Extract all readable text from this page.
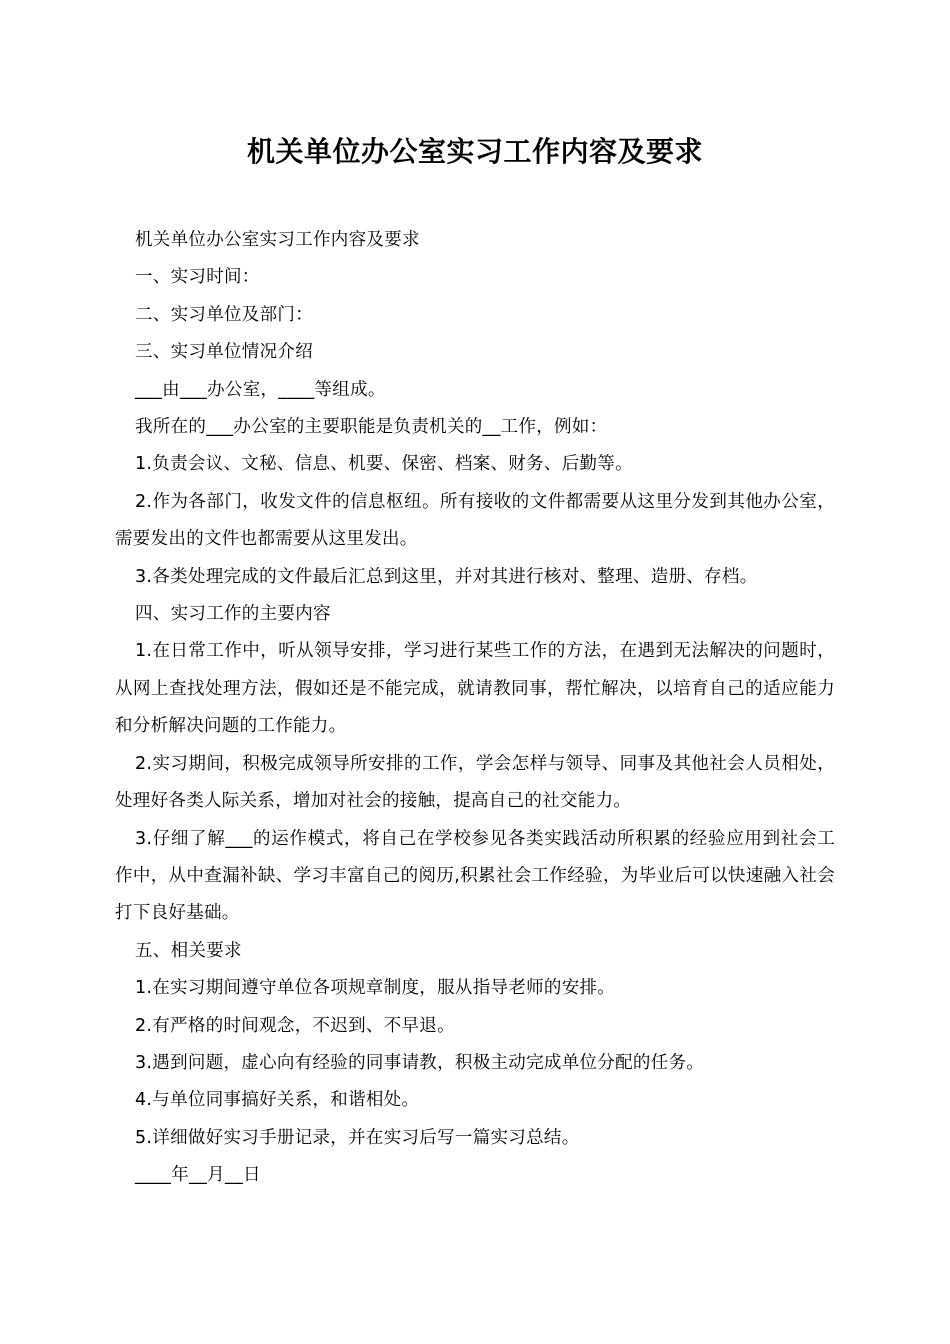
机关单位办公室实习工作内容及要求

机关单位办公室实习工作内容及要求

一、实习时间：

二、实习单位及部门：

三、实习单位情况介绍

___由___办公室，____等组成。

我所在的___办公室的主要职能是负责机关的__工作，例如：

1.负责会议、文秘、信息、机要、保密、档案、财务、后勤等。

2.作为各部门，收发文件的信息枢纽。所有接收的文件都需要从这里分发到其他办公室，需要发出的文件也都需要从这里发出。

3.各类处理完成的文件最后汇总到这里，并对其进行核对、整理、造册、存档。

四、实习工作的主要内容

1.在日常工作中，听从领导安排，学习进行某些工作的方法，在遇到无法解决的问题时，从网上查找处理方法，假如还是不能完成，就请教同事，帮忙解决，以培育自己的适应能力和分析解决问题的工作能力。

2.实习期间，积极完成领导所安排的工作，学会怎样与领导、同事及其他社会人员相处，处理好各类人际关系，增加对社会的接触，提高自己的社交能力。

3.仔细了解___的运作模式，将自己在学校参见各类实践活动所积累的经验应用到社会工作中，从中查漏补缺、学习丰富自己的阅历,积累社会工作经验，为毕业后可以快速融入社会打下良好基础。

五、相关要求

1.在实习期间遵守单位各项规章制度，服从指导老师的安排。

2.有严格的时间观念，不迟到、不早退。

3.遇到问题，虚心向有经验的同事请教，积极主动完成单位分配的任务。

4.与单位同事搞好关系，和谐相处。

5.详细做好实习手册记录，并在实习后写一篇实习总结。

____年__月__日
